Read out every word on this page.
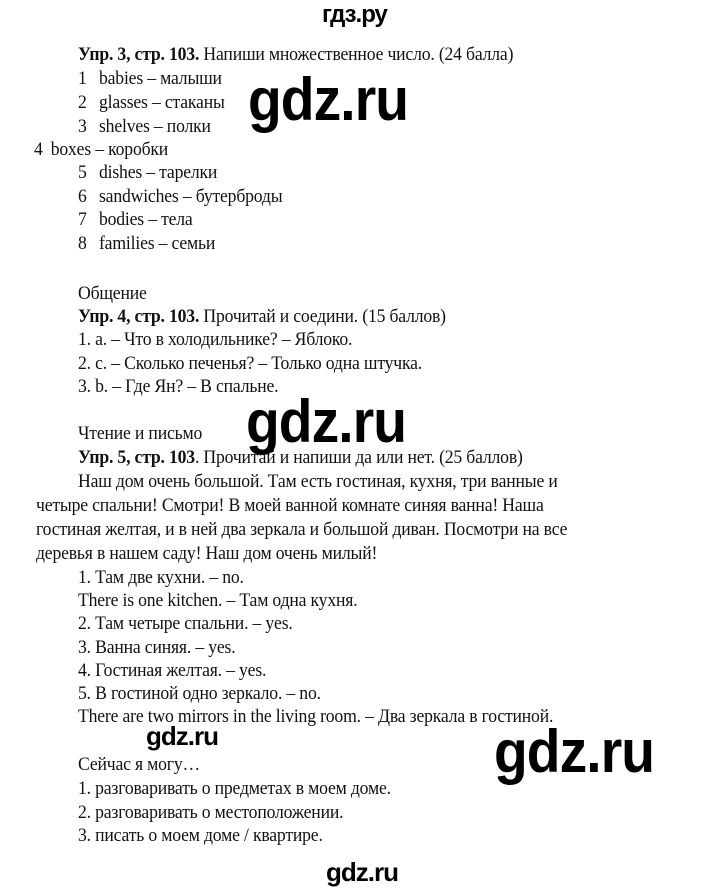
гдз.ру
Упр. 3, стр. 103. Напиши множественное число. (24 балла)
1 babies – малыши
2 glasses – стаканы
3 shelves – полки
4 boxes – коробки
5 dishes – тарелки
6 sandwiches – бутерброды
7 bodies – тела
8 families – семьи
gdz.ru
Общение
Упр. 4, стр. 103. Прочитай и соедини. (15 баллов)
1. a. – Что в холодильнике? – Яблоко.
2. c. – Сколько печенья? – Только одна штучка.
3. b. – Где Ян? – В спальне.
gdz.ru
Чтение и письмо
Упр. 5, стр. 103. Прочитай и напиши да или нет. (25 баллов)
Наш дом очень большой. Там есть гостиная, кухня, три ванные и
четыре спальни! Смотри! В моей ванной комнате синяя ванна! Наша
гостиная желтая, и в ней два зеркала и большой диван. Посмотри на все
деревья в нашем саду! Наш дом очень милый!
1. Там две кухни. – no.
There is one kitchen. – Там одна кухня.
2. Там четыре спальни. – yes.
3. Ванна синяя. – yes.
4. Гостиная желтая. – yes.
5. В гостиной одно зеркало. – no.
There are two mirrors in the living room. – Два зеркала в гостиной.
gdz.ru	gdz.ru
Сейчас я могу…
1. разговаривать о предметах в моем доме.
2. разговаривать о местоположении.
3. писать о моем доме / квартире.
gdz.ru
